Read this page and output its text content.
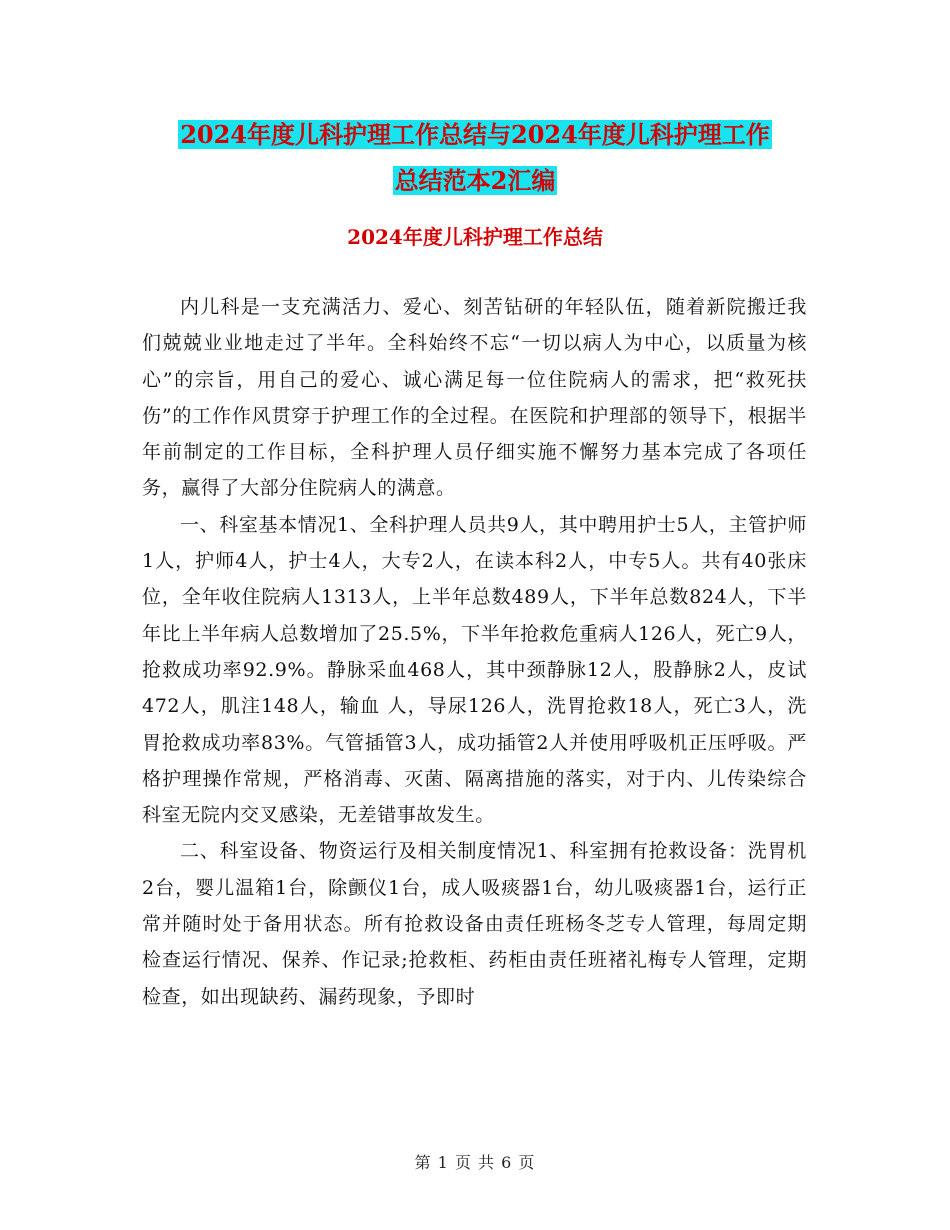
2024年度儿科护理工作总结与2024年度儿科护理工作
总结范本2汇编
2024年度儿科护理工作总结

内儿科是一支充满活力、爱心、刻苦钻研的年轻队伍，随着新院搬迁我们兢兢业业地走过了半年。全科始终不忘“一切以病人为中心，以质量为核心”的宗旨，用自己的爱心、诚心满足每一位住院病人的需求，把“救死扶伤”的工作作风贯穿于护理工作的全过程。在医院和护理部的领导下，根据半年前制定的工作目标，全科护理人员仔细实施不懈努力基本完成了各项任务，赢得了大部分住院病人的满意。

一、科室基本情况1、全科护理人员共9人，其中聘用护士5人，主管护师1人，护师4人，护士4人，大专2人，在读本科2人，中专5人。共有40张床位，全年收住院病人1313人，上半年总数489人，下半年总数824人，下半年比上半年病人总数增加了25.5%，下半年抢救危重病人126人，死亡9人，抢救成功率92.9%。静脉采血468人，其中颈静脉12人，股静脉2人，皮试472人，肌注148人，输血 人，导尿126人，洗胃抢救18人，死亡3人，洗胃抢救成功率83%。气管插管3人，成功插管2人并使用呼吸机正压呼吸。严格护理操作常规，严格消毒、灭菌、隔离措施的落实，对于内、儿传染综合科室无院内交叉感染，无差错事故发生。

二、科室设备、物资运行及相关制度情况1、科室拥有抢救设备：洗胃机2台，婴儿温箱1台，除颤仪1台，成人吸痰器1台，幼儿吸痰器1台，运行正常并随时处于备用状态。所有抢救设备由责任班杨冬芝专人管理，每周定期检查运行情况、保养、作记录;抢救柜、药柜由责任班褚礼梅专人管理，定期检查，如出现缺药、漏药现象，予即时

第 1 页 共 6 页
